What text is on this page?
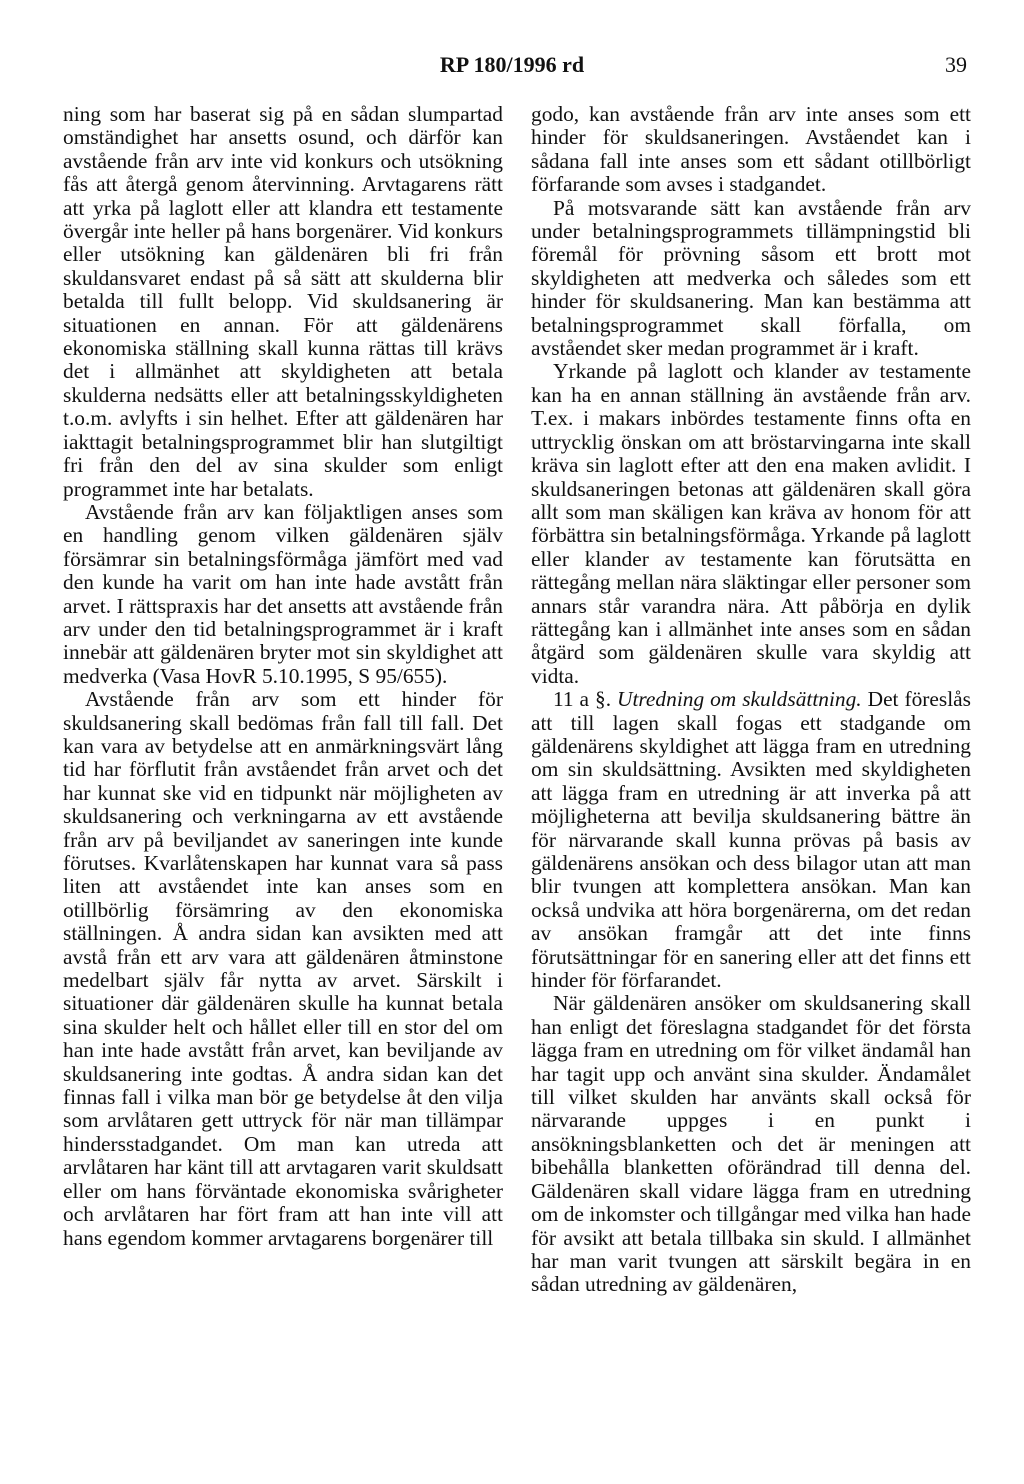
RP 180/1996 rd	39

ning som har baserat sig på en sådan slumpartad omständighet har ansetts osund, och därför kan avstående från arv inte vid konkurs och utsökning fås att återgå genom återvinning. Arvtagarens rätt att yrka på laglott eller att klandra ett testamente övergår inte heller på hans borgenärer. Vid konkurs eller utsökning kan gäldenären bli fri från skuldansvaret endast på så sätt att skulderna blir betalda till fullt belopp. Vid skuldsanering är situationen en annan. För att gäldenärens ekonomiska ställning skall kunna rättas till krävs det i allmänhet att skyldigheten att betala skulderna nedsätts eller att betalningsskyldigheten t.o.m. avlyfts i sin helhet. Efter att gäldenären har iakttagit betalningsprogrammet blir han slutgiltigt fri från den del av sina skulder som enligt programmet inte har betalats.

Avstående från arv kan följaktligen anses som en handling genom vilken gäldenären själv försämrar sin betalningsförmåga jämfört med vad den kunde ha varit om han inte hade avstått från arvet. I rättspraxis har det ansetts att avstående från arv under den tid betalningsprogrammet är i kraft innebär att gäldenären bryter mot sin skyldighet att medverka (Vasa HovR 5.10.1995, S 95/655).

Avstående från arv som ett hinder för skuldsanering skall bedömas från fall till fall. Det kan vara av betydelse att en anmärkningsvärt lång tid har förflutit från avståendet från arvet och det har kunnat ske vid en tidpunkt när möjligheten av skuldsanering och verkningarna av ett avstående från arv på beviljandet av saneringen inte kunde förutses. Kvarlåtenskapen har kunnat vara så pass liten att avståendet inte kan anses som en otillbörlig försämring av den ekonomiska ställningen. Å andra sidan kan avsikten med att avstå från ett arv vara att gäldenären åtminstone medelbart själv får nytta av arvet. Särskilt i situationer där gäldenären skulle ha kunnat betala sina skulder helt och hållet eller till en stor del om han inte hade avstått från arvet, kan beviljande av skuldsanering inte godtas. Å andra sidan kan det finnas fall i vilka man bör ge betydelse åt den vilja som arvlåtaren gett uttryck för när man tillämpar hindersstadgandet. Om man kan utreda att arvlåtaren har känt till att arvtagaren varit skuldsatt eller om hans förväntade ekonomiska svårigheter och arvlåtaren har fört fram att han inte vill att hans egendom kommer arvtagarens borgenärer till

godo, kan avstående från arv inte anses som ett hinder för skuldsaneringen. Avståendet kan i sådana fall inte anses som ett sådant otillbörligt förfarande som avses i stadgandet.

På motsvarande sätt kan avstående från arv under betalningsprogrammets tillämpningstid bli föremål för prövning såsom ett brott mot skyldigheten att medverka och således som ett hinder för skuldsanering. Man kan bestämma att betalningsprogrammet skall förfalla, om avståendet sker medan programmet är i kraft.

Yrkande på laglott och klander av testamente kan ha en annan ställning än avstående från arv. T.ex. i makars inbördes testamente finns ofta en uttrycklig önskan om att bröstarvingarna inte skall kräva sin laglott efter att den ena maken avlidit. I skuldsaneringen betonas att gäldenären skall göra allt som man skäligen kan kräva av honom för att förbättra sin betalningsförmåga. Yrkande på laglott eller klander av testamente kan förutsätta en rättegång mellan nära släktingar eller personer som annars står varandra nära. Att påbörja en dylik rättegång kan i allmänhet inte anses som en sådan åtgärd som gäldenären skulle vara skyldig att vidta.

11 a §. Utredning om skuldsättning. Det föreslås att till lagen skall fogas ett stadgande om gäldenärens skyldighet att lägga fram en utredning om sin skuldsättning. Avsikten med skyldigheten att lägga fram en utredning är att inverka på att möjligheterna att bevilja skuldsanering bättre än för närvarande skall kunna prövas på basis av gäldenärens ansökan och dess bilagor utan att man blir tvungen att komplettera ansökan. Man kan också undvika att höra borgenärerna, om det redan av ansökan framgår att det inte finns förutsättningar för en sanering eller att det finns ett hinder för förfarandet.

När gäldenären ansöker om skuldsanering skall han enligt det föreslagna stadgandet för det första lägga fram en utredning om för vilket ändamål han har tagit upp och använt sina skulder. Ändamålet till vilket skulden har använts skall också för närvarande uppges i en punkt i ansökningsblanketten och det är meningen att bibehålla blanketten oförändrad till denna del. Gäldenären skall vidare lägga fram en utredning om de inkomster och tillgångar med vilka han hade för avsikt att betala tillbaka sin skuld. I allmänhet har man varit tvungen att särskilt begära in en sådan utredning av gäldenären,
